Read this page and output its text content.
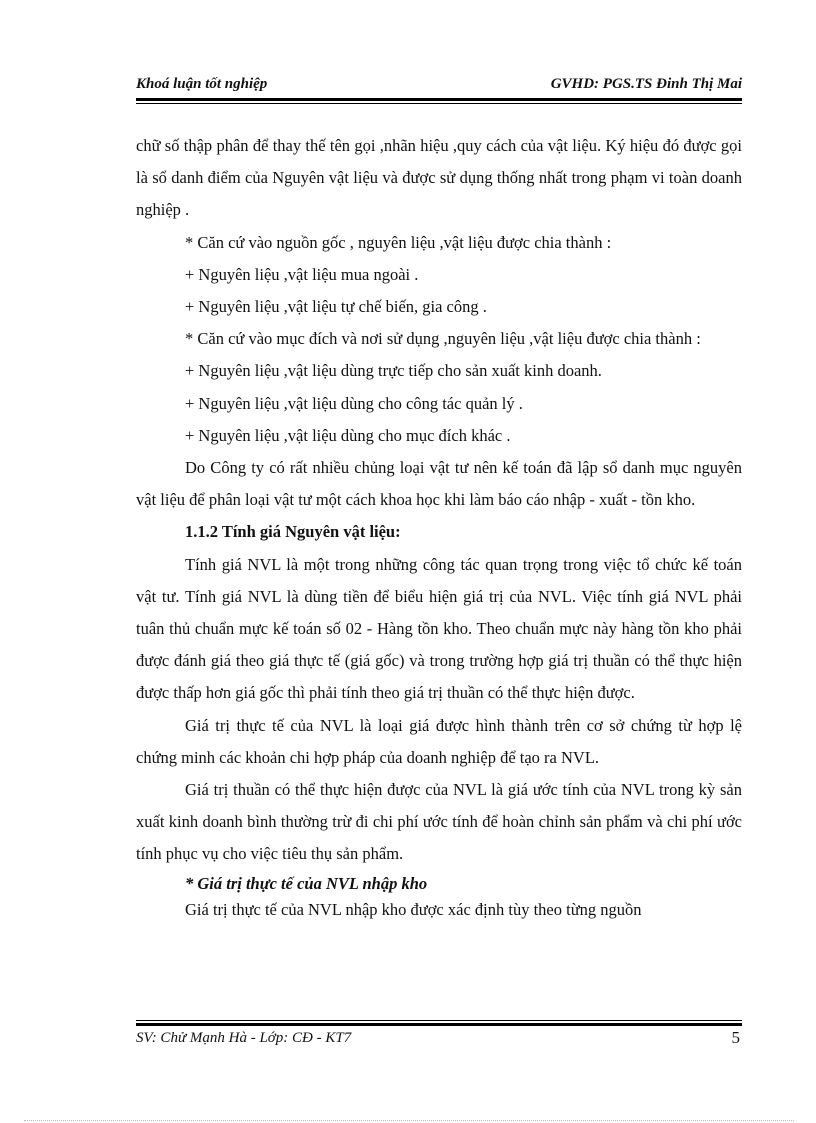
Khoá luận tốt nghiệp	GVHD: PGS.TS Đinh Thị Mai

chữ số thập phân để thay thế tên gọi ,nhãn hiệu ,quy cách của vật liệu. Ký hiệu đó được gọi là sổ danh điểm của Nguyên vật liệu và được sử dụng thống nhất trong phạm vi toàn doanh nghiệp .

* Căn cứ vào nguồn gốc , nguyên liệu ,vật liệu được chia thành :

+ Nguyên liệu ,vật liệu mua ngoài .

+ Nguyên liệu ,vật liệu tự chế biến, gia công .

* Căn cứ vào mục đích và nơi sử dụng ,nguyên liệu ,vật liệu được chia thành :

+ Nguyên liệu ,vật liệu dùng trực tiếp cho sản xuất kinh doanh.

+ Nguyên liệu ,vật liệu dùng cho công tác quản lý .

+ Nguyên liệu ,vật liệu dùng cho mục đích khác .

Do Công ty có rất nhiều chủng loại vật tư nên kế toán đã lập sổ danh mục nguyên vật liệu để phân loại vật tư một cách khoa học khi làm báo cáo nhập - xuất - tồn kho.

1.1.2 Tính giá Nguyên vật liệu:

Tính giá NVL là một trong những công tác quan trọng trong việc tổ chức kế toán vật tư. Tính giá NVL là dùng tiền để biểu hiện giá trị của NVL. Việc tính giá NVL phải tuân thủ chuẩn mực kế toán số 02 - Hàng tồn kho. Theo chuẩn mực này hàng tồn kho phải được đánh giá theo giá thực tế (giá gốc) và trong trường hợp giá trị thuần có thể thực hiện được thấp hơn giá gốc thì phải tính theo giá trị thuần có thể thực hiện được.

Giá trị thực tế của NVL là loại giá được hình thành trên cơ sở chứng từ hợp lệ chứng minh các khoản chi hợp pháp của doanh nghiệp để tạo ra NVL.

Giá trị thuần có thể thực hiện được của NVL là giá ước tính của NVL trong kỳ sản xuất kinh doanh bình thường trừ đi chi phí ước tính để hoàn chỉnh sản phẩm và chi phí ước tính phục vụ cho việc tiêu thụ sản phẩm.

* Giá trị thực tế của NVL nhập kho

Giá trị thực tế của NVL nhập kho được xác định tùy theo từng nguồn

SV: Chử Mạnh Hà - Lớp: CĐ - KT7	5
